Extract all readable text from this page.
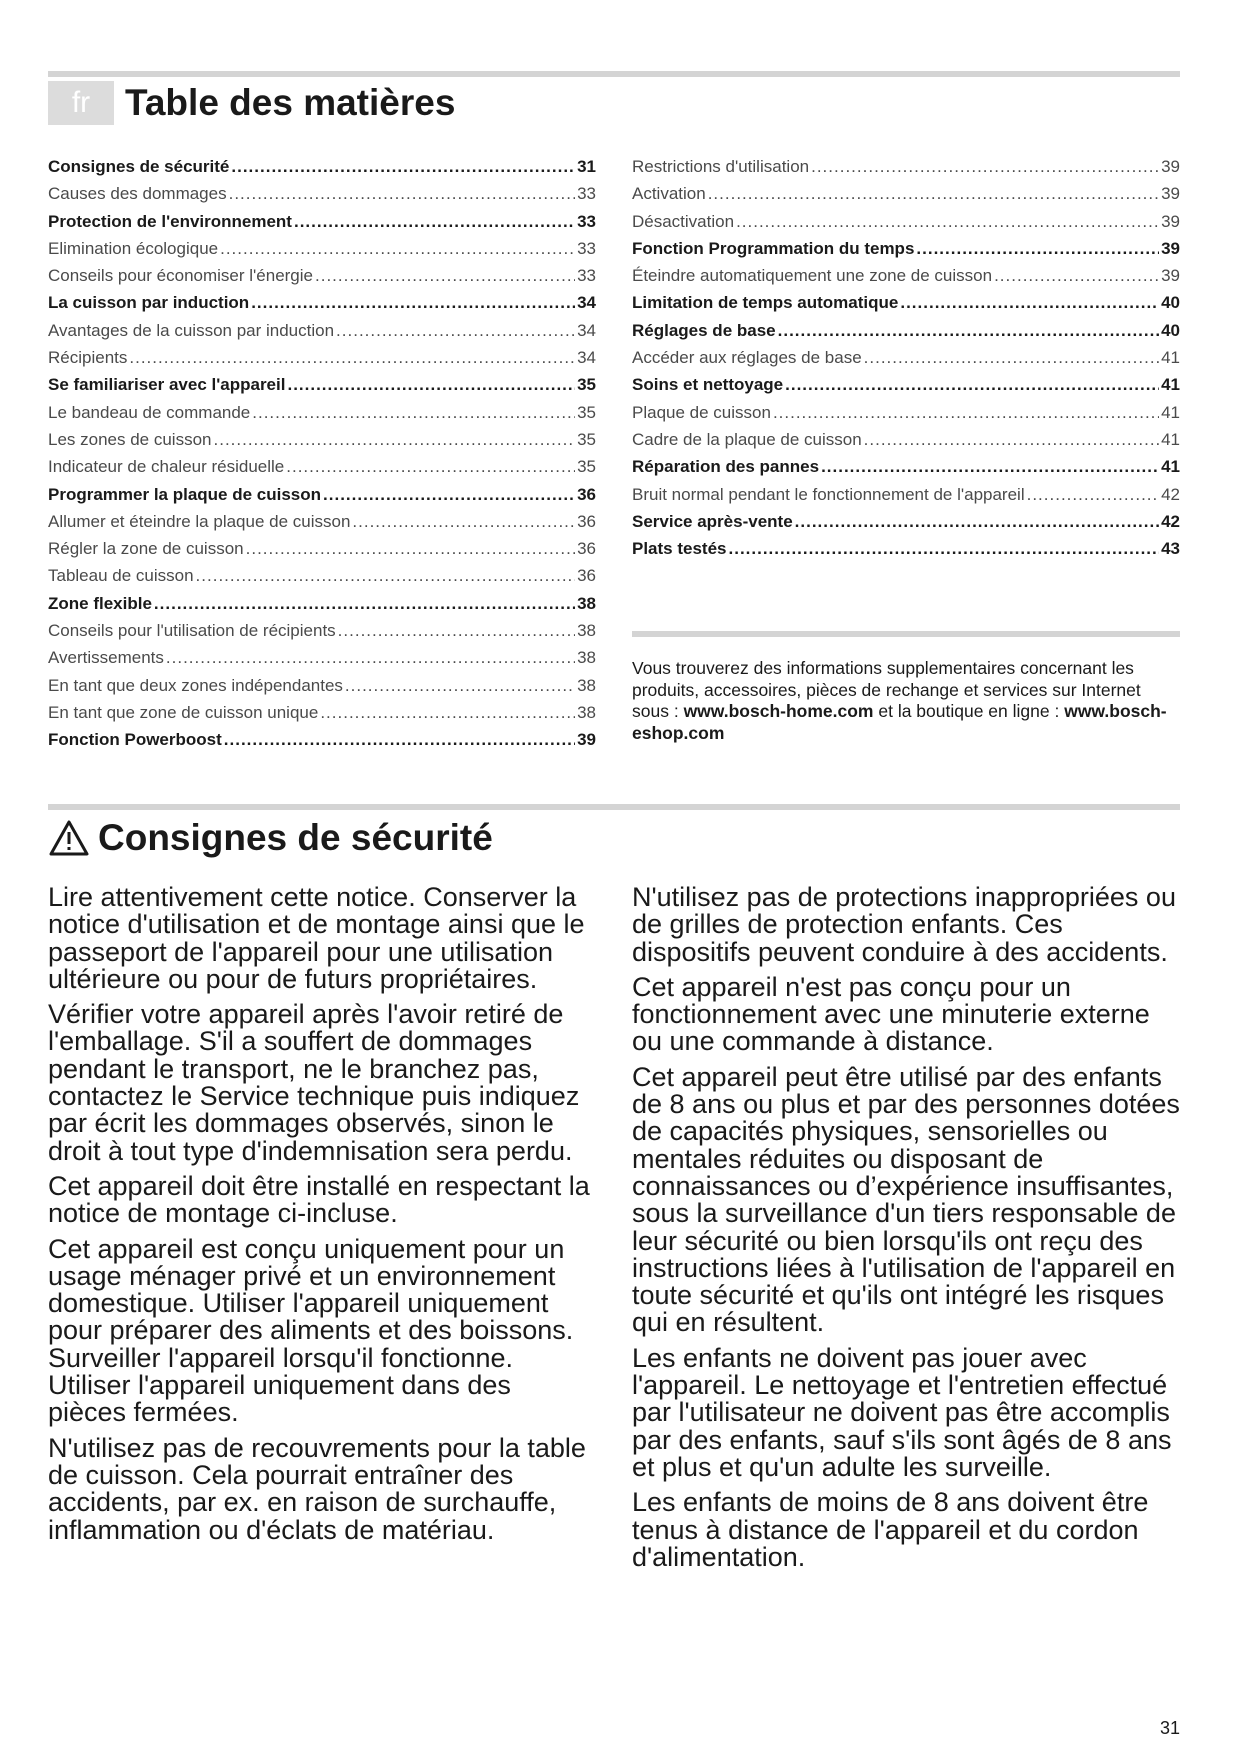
fr Table des matières
Consignes de sécurité .....	31
Causes des dommages .....	33
Protection de l'environnement .....	33
Elimination écologique .....	33
Conseils pour économiser l'énergie .....	33
La cuisson par induction .....	34
Avantages de la cuisson par induction .....	34
Récipients .....	34
Se familiariser avec l'appareil .....	35
Le bandeau de commande .....	35
Les zones de cuisson .....	35
Indicateur de chaleur résiduelle .....	35
Programmer la plaque de cuisson .....	36
Allumer et éteindre la plaque de cuisson .....	36
Régler la zone de cuisson .....	36
Tableau de cuisson .....	36
Zone flexible .....	38
Conseils pour l'utilisation de récipients .....	38
Avertissements .....	38
En tant que deux zones indépendantes .....	38
En tant que zone de cuisson unique .....	38
Fonction Powerboost .....	39
Restrictions d'utilisation .....	39
Activation .....	39
Désactivation .....	39
Fonction Programmation du temps .....	39
Éteindre automatiquement une zone de cuisson .....	39
Limitation de temps automatique .....	40
Réglages de base .....	40
Accéder aux réglages de base .....	41
Soins et nettoyage .....	41
Plaque de cuisson .....	41
Cadre de la plaque de cuisson .....	41
Réparation des pannes .....	41
Bruit normal pendant le fonctionnement de l'appareil .....	42
Service après-vente .....	42
Plats testés .....	43
Vous trouverez des informations supplementaires concernant les produits, accessoires, pièces de rechange et services sur Internet sous : www.bosch-home.com et la boutique en ligne : www.bosch-eshop.com
Consignes de sécurité

Lire attentivement cette notice. Conserver la notice d'utilisation et de montage ainsi que le passeport de l'appareil pour une utilisation ultérieure ou pour de futurs propriétaires.

Vérifier votre appareil après l'avoir retiré de l'emballage. S'il a souffert de dommages pendant le transport, ne le branchez pas, contactez le Service technique puis indiquez par écrit les dommages observés, sinon le droit à tout type d'indemnisation sera perdu.

Cet appareil doit être installé en respectant la notice de montage ci-incluse.

Cet appareil est conçu uniquement pour un usage ménager privé et un environnement domestique. Utiliser l'appareil uniquement pour préparer des aliments et des boissons. Surveiller l'appareil lorsqu'il fonctionne. Utiliser l'appareil uniquement dans des pièces fermées.

N'utilisez pas de recouvrements pour la table de cuisson. Cela pourrait entraîner des accidents, par ex. en raison de surchauffe, inflammation ou d'éclats de matériau.

N'utilisez pas de protections inappropriées ou de grilles de protection enfants. Ces dispositifs peuvent conduire à des accidents.

Cet appareil n'est pas conçu pour un fonctionnement avec une minuterie externe ou une commande à distance.

Cet appareil peut être utilisé par des enfants de 8 ans ou plus et par des personnes dotées de capacités physiques, sensorielles ou mentales réduites ou disposant de connaissances ou d’expérience insuffisantes, sous la surveillance d'un tiers responsable de leur sécurité ou bien lorsqu'ils ont reçu des instructions liées à l'utilisation de l'appareil en toute sécurité et qu'ils ont intégré les risques qui en résultent.

Les enfants ne doivent pas jouer avec l'appareil. Le nettoyage et l'entretien effectué par l'utilisateur ne doivent pas être accomplis par des enfants, sauf s'ils sont âgés de 8 ans et plus et qu'un adulte les surveille.

Les enfants de moins de 8 ans doivent être tenus à distance de l'appareil et du cordon d'alimentation.

31
